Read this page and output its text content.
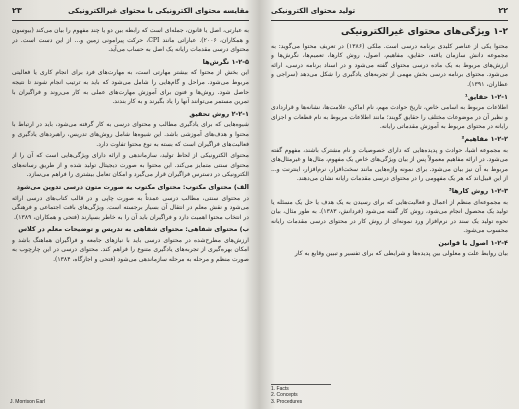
۲۳	مقایسه محتوای الکترونیکی با محتوای غیرالکترونیکی

به عبارتی، اصل یا قانون، جمله‌ای است که رابطه بین دو یا چند مفهوم را بیان می‌کند (بیوسون و همکاران، ۲۰۰۶). عباراتی مانند CPI، حرکت پیرامونی زمین و... از این دست است. در محتوای درسی مقدمات رایانه یک اصل به حساب می‌آید.

۱-۲-۵ نگرش‌ها

این بخش از محتوا که بیشتر مهارتی است، به مهارت‌های فرد برای انجام کاری یا فعالیتی مربوط می‌شود. مراحل و گام‌هایی را شامل می‌شود که باید به ترتیب انجام شوند تا نتیجه حاصل شود. روش‌ها و فنون برای آموزش مهارت‌های عملی به کار می‌روند و فراگیران با تمرین مستمر می‌توانند آنها را یاد بگیرند و به کار بندند.

۲-۲-۱ روش تحقیق

شیوه‌هایی که برای یادگیری مطالب و محتوای درسی به کار گرفته می‌شود، باید در ارتباط با محتوا و هدف‌های آموزشی باشد. این شیوه‌ها شامل روش‌های تدریس، راهبردهای یادگیری و فعالیت‌های فراگیران است که بسته به نوع محتوا تفاوت دارد.

محتوای الکترونیکی از لحاظ تولید، سازماندهی و ارائه دارای ویژگی‌هایی است که آن را از محتوای سنتی متمایز می‌کند. این محتوا به صورت دیجیتال تولید شده و از طریق رسانه‌های الکترونیکی در دسترس فراگیران قرار می‌گیرد و امکان تعامل بیشتری را فراهم می‌سازد.

الف) محتوای مکتوب: محتوای مکتوب به صورت متون درسی تدوین می‌شود

در محتوای سنتی، مطالب درسی عمدتاً به صورت چاپی و در قالب کتاب‌های درسی ارائه می‌شود و نقش معلم در انتقال آن بسیار برجسته است. ویژگی‌های بافت اجتماعی و فرهنگی در انتخاب محتوا اهمیت دارد و فراگیران باید آن را به خاطر بسپارند (فتحی و همکاران، ۱۳۸۹).

ب) محتوای شفاهی: محتوای شفاهی به تدریس و توضیحات معلم در کلاس

ارزش‌های مطرح‌شده در محتوای درسی باید با نیازهای جامعه و فراگیران هماهنگ باشد و امکان بهره‌گیری از تجربه‌های یادگیری متنوع را فراهم کند. محتوای درسی در این چارچوب به صورت منظم و مرحله به مرحله سازماندهی می‌شود (فتحی و اجارگاه، ۱۳۸۴).

J. Morrison Earl
۲۲
تولید محتوای الکترونیکی
۱-۲ ویژگی‌های محتوای غیرالکترونیکی

محتوا یکی از عناصر کلیدی برنامه درسی است. ملکی (۱۳۸۶) در تعریف محتوا می‌گوید: به مجموعه دانش سازمان یافته، حقایق، مفاهیم، اصول، روش کارها، تعمیم‌ها، نگرش‌ها و ارزش‌های مربوط به یک ماده درسی محتوای گفته می‌شود و در اسناد برنامه درسی، ارائه می‌شود. محتوای برنامه درسی بخش مهمی از تجربه‌های یادگیری را شکل می‌دهد (سراجی و عطاران، ۱۳۹۱).

۱-۲-۱ حقایق¹

اطلاعات مربوط به اسامی خاص، تاریخ حوادث مهم، نام اماکن، علامت‌ها، نشانه‌ها و قراردادی و نظیر آن در موضوعات مختلف را حقایق گویند؛ مانند اطلاعات مربوط به نام قطعات و اجزای رایانه در محتوای مربوط به آموزش مقدماتی رایانه.

۱-۲-۲ مفاهیم²

به مجموعه اشیا، حوادث و پدیده‌هایی که دارای خصوصیات و نام مشترک باشند، مفهوم گفته می‌شود. در ارائه مفاهیم معمولاً پس از بیان ویژگی‌های خاص یک مفهوم، مثال‌ها و غیرمثال‌های مربوط به آن نیز بیان می‌شود. برای نمونه واژه‌هایی مانند سخت‌افزار، نرم‌افزار، اینترنت و... از این قبیل‌اند که هر یک مفهومی را در محتوای درسی مقدمات رایانه نشان می‌دهند.

۱-۲-۳ روش کارها³

به مجموعه‌ای منظم از اعمال و فعالیت‌هایی که برای رسیدن به یک هدف یا حل یک مسئله یا تولید یک محصول انجام می‌شود، روش کار گفته می‌شود (فردانش، ۱۳۸۳). به طور مثال، بیان نحوه تولید یک سند در نرم‌افزار ورد نمونه‌ای از روش کار در محتوای درسی مقدمات رایانه محسوب می‌شود.

۱-۲-۴ اصول یا قوانین

بیان روابط علت و معلولی بین پدیده‌ها و شرایطی که برای تفسیر و تبیین وقایع به کار

1. Facts
2. Concepts
3. Procedures
